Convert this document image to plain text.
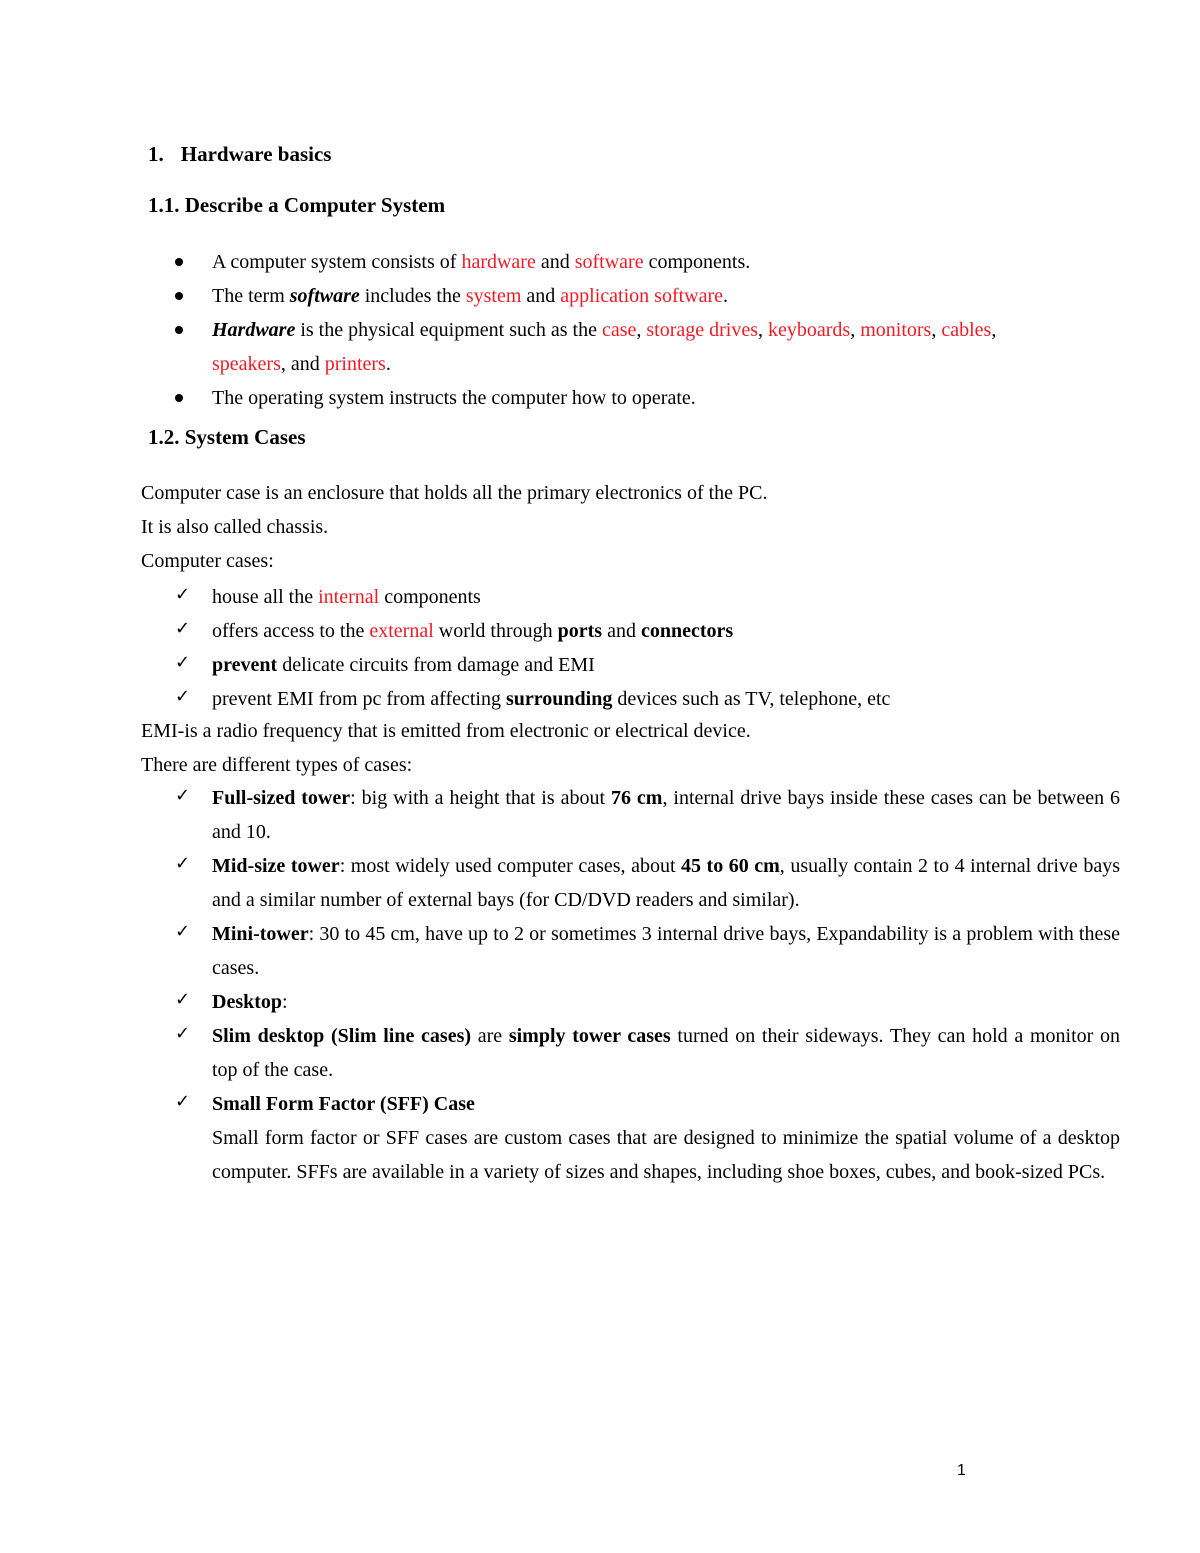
1. Hardware basics
1.1. Describe a Computer System
A computer system consists of hardware and software components.
The term software includes the system and application software.
Hardware is the physical equipment such as the case, storage drives, keyboards, monitors, cables,
speakers, and printers.
The operating system instructs the computer how to operate.
1.2. System Cases
Computer case is an enclosure that holds all the primary electronics of the PC.
It is also called chassis.
Computer cases:
✓ house all the internal components
✓ offers access to the external world through ports and connectors
✓ prevent delicate circuits from damage and EMI
✓ prevent EMI from pc from affecting surrounding devices such as TV, telephone, etc
EMI-is a radio frequency that is emitted from electronic or electrical device.
There are different types of cases:
✓ Full-sized tower: big with a height that is about 76 cm, internal drive bays inside these cases can be between 6 and 10.
✓ Mid-size tower: most widely used computer cases, about 45 to 60 cm, usually contain 2 to 4 internal drive bays and a similar number of external bays (for CD/DVD readers and similar).
✓ Mini-tower: 30 to 45 cm, have up to 2 or sometimes 3 internal drive bays, Expandability is a problem with these cases.
✓ Desktop:
✓ Slim desktop (Slim line cases) are simply tower cases turned on their sideways. They can hold a monitor on top of the case.
✓ Small Form Factor (SFF) Case
Small form factor or SFF cases are custom cases that are designed to minimize the spatial volume of a desktop computer. SFFs are available in a variety of sizes and shapes, including shoe boxes, cubes, and book-sized PCs.
1
